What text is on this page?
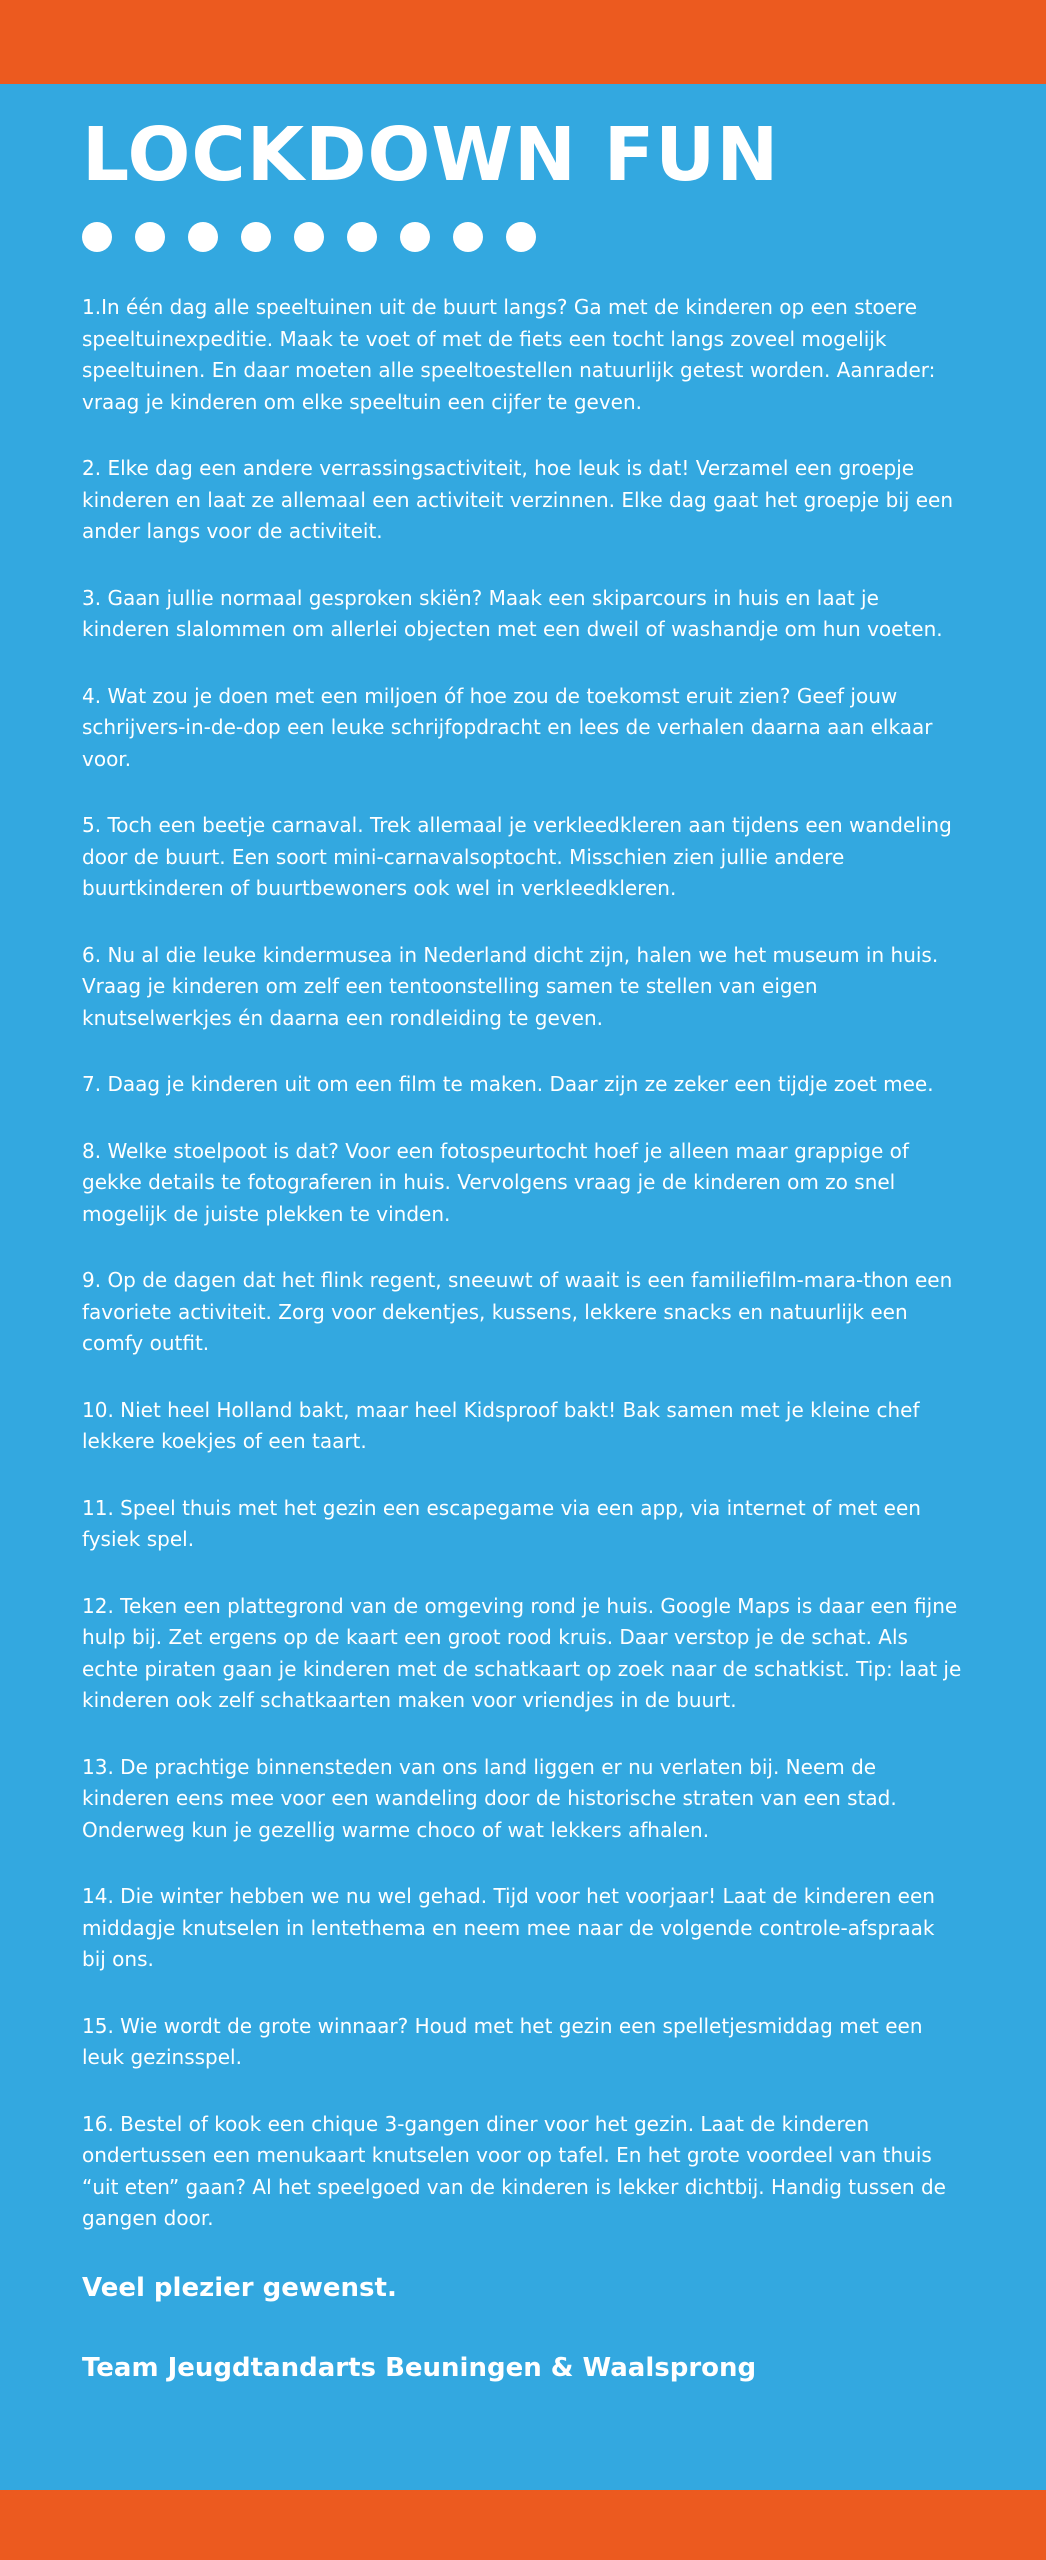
LOCKDOWN FUN

1.In één dag alle speeltuinen uit de buurt langs? Ga met de kinderen op een stoere speeltuinexpeditie. Maak te voet of met de fiets een tocht langs zoveel mogelijk speeltuinen. En daar moeten alle speeltoestellen natuurlijk getest worden. Aanrader: vraag je kinderen om elke speeltuin een cijfer te geven.

2. Elke dag een andere verrassingsactiviteit, hoe leuk is dat! Verzamel een groepje kinderen en laat ze allemaal een activiteit verzinnen. Elke dag gaat het groepje bij een ander langs voor de activiteit.

3. Gaan jullie normaal gesproken skiën? Maak een skiparcours in huis en laat je kinderen slalommen om allerlei objecten met een dweil of washandje om hun voeten.

4. Wat zou je doen met een miljoen óf hoe zou de toekomst eruit zien? Geef jouw schrijvers-in-de-dop een leuke schrijfopdracht en lees de verhalen daarna aan elkaar voor.

5. Toch een beetje carnaval. Trek allemaal je verkleedkleren aan tijdens een wandeling door de buurt. Een soort mini-carnavalsoptocht. Misschien zien jullie andere buurtkinderen of buurtbewoners ook wel in verkleedkleren.

6. Nu al die leuke kindermusea in Nederland dicht zijn, halen we het museum in huis. Vraag je kinderen om zelf een tentoonstelling samen te stellen van eigen knutselwerkjes én daarna een rondleiding te geven.

7. Daag je kinderen uit om een film te maken. Daar zijn ze zeker een tijdje zoet mee.

8. Welke stoelpoot is dat? Voor een fotospeurtocht hoef je alleen maar grappige of gekke details te fotograferen in huis. Vervolgens vraag je de kinderen om zo snel mogelijk de juiste plekken te vinden.

9. Op de dagen dat het flink regent, sneeuwt of waait is een familiefilm-mara-thon een favoriete activiteit. Zorg voor dekentjes, kussens, lekkere snacks en natuurlijk een comfy outfit.

10. Niet heel Holland bakt, maar heel Kidsproof bakt! Bak samen met je kleine chef lekkere koekjes of een taart.

11. Speel thuis met het gezin een escapegame via een app, via internet of met een fysiek spel.

12. Teken een plattegrond van de omgeving rond je huis. Google Maps is daar een fijne hulp bij. Zet ergens op de kaart een groot rood kruis. Daar verstop je de schat. Als echte piraten gaan je kinderen met de schatkaart op zoek naar de schatkist. Tip: laat je kinderen ook zelf schatkaarten maken voor vriendjes in de buurt.

13. De prachtige binnensteden van ons land liggen er nu verlaten bij. Neem de kinderen eens mee voor een wandeling door de historische straten van een stad. Onderweg kun je gezellig warme choco of wat lekkers afhalen.

14. Die winter hebben we nu wel gehad. Tijd voor het voorjaar! Laat de kinderen een middagje knutselen in lentethema en neem mee naar de volgende controle-afspraak bij ons.

15. Wie wordt de grote winnaar? Houd met het gezin een spelletjesmiddag met een leuk gezinsspel.

16. Bestel of kook een chique 3-gangen diner voor het gezin. Laat de kinderen ondertussen een menukaart knutselen voor op tafel. En het grote voordeel van thuis “uit eten” gaan? Al het speelgoed van de kinderen is lekker dichtbij. Handig tussen de gangen door.

Veel plezier gewenst.

Team Jeugdtandarts Beuningen & Waalsprong
